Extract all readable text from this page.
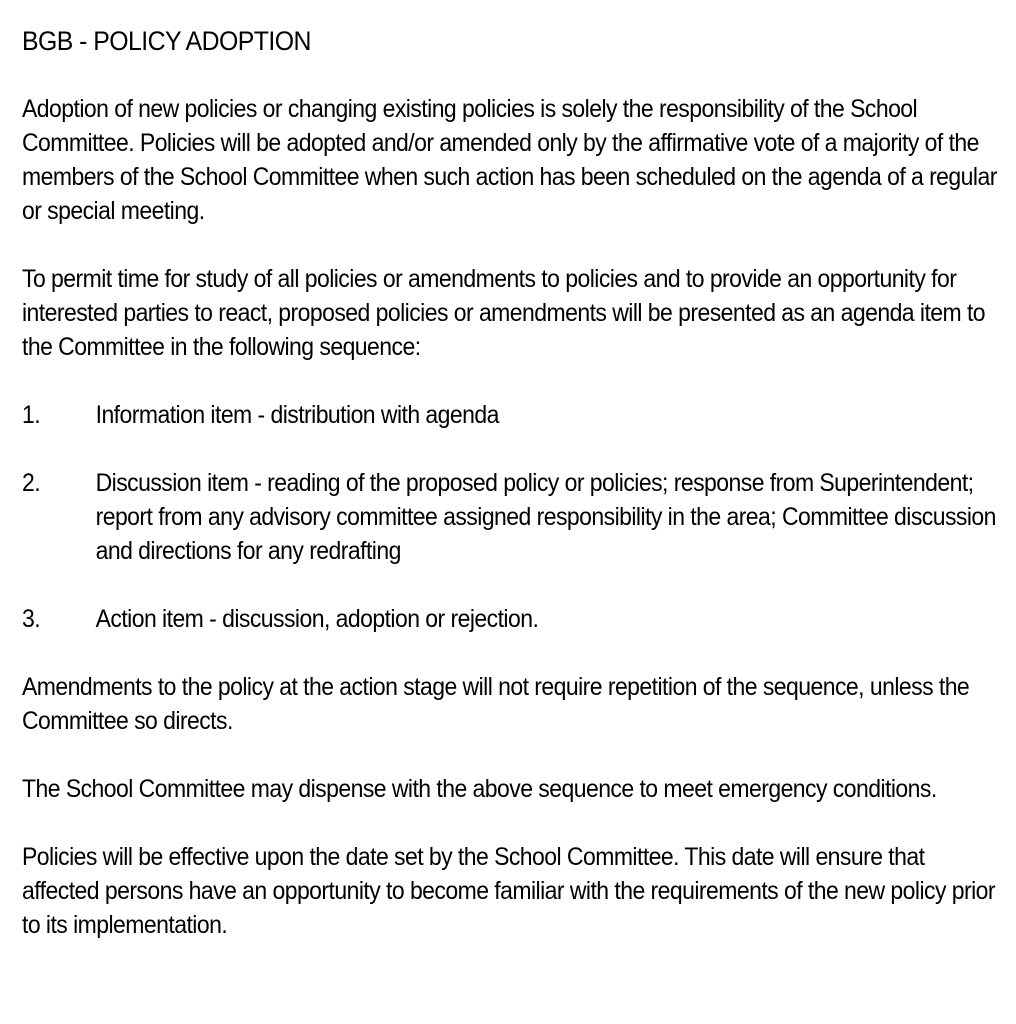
BGB - POLICY ADOPTION

Adoption of new policies or changing existing policies is solely the responsibility of the School Committee. Policies will be adopted and/or amended only by the affirmative vote of a majority of the members of the School Committee when such action has been scheduled on the agenda of a regular or special meeting.

To permit time for study of all policies or amendments to policies and to provide an opportunity for interested parties to react, proposed policies or amendments will be presented as an agenda item to the Committee in the following sequence:

1.	Information item - distribution with agenda
2.	Discussion item - reading of the proposed policy or policies; response from Superintendent; report from any advisory committee assigned responsibility in the area; Committee discussion and directions for any redrafting
3.	Action item - discussion, adoption or rejection.

Amendments to the policy at the action stage will not require repetition of the sequence, unless the Committee so directs.

The School Committee may dispense with the above sequence to meet emergency conditions.

Policies will be effective upon the date set by the School Committee. This date will ensure that affected persons have an opportunity to become familiar with the requirements of the new policy prior to its implementation.
